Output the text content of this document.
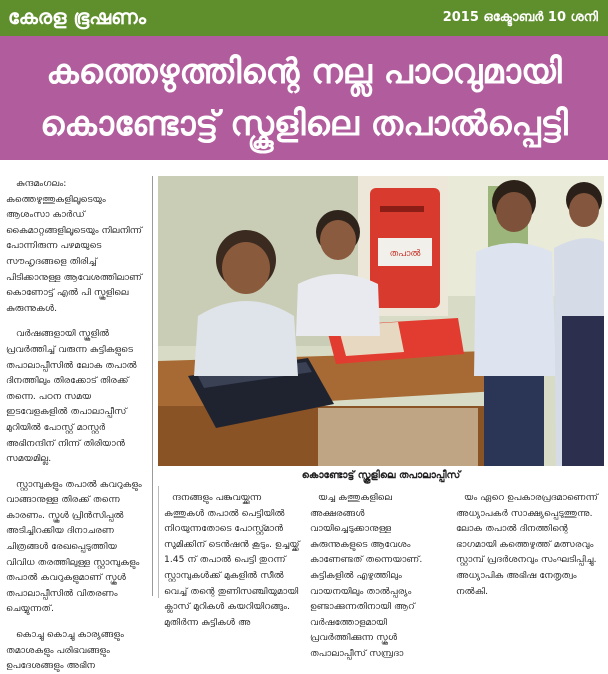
കേരള ഭൂഷണം	2015 ഒക്ടോബർ 10 ശനി
കത്തെഴുത്തിന്റെ നല്ല പാഠവുമായി
കൊണ്ടോട്ട് സ്കൂളിലെ തപാൽപ്പെട്ടി

കുന്ദമംഗലം: കത്തെഴുത്തുകളിലൂടെയും ആശംസാ കാർഡ് കൈമാറ്റങ്ങളിലൂടെയും നിലനിന്ന് പോന്നിരുന്ന പഴമയുടെ സൗഹൃദങ്ങളെ തിരിച്ച് പിടിക്കാനുള്ള ആവേശത്തിലാണ് കൊണോട്ട് എൽ പി സ്കൂളിലെ കുരുന്നുകൾ.

വർഷങ്ങളായി സ്കൂളിൽ പ്രവർത്തിച്ച് വരുന്ന കുട്ടികളുടെ തപാലാപ്പീസിൽ ലോക തപാൽ ദിനത്തിലും തിരക്കോട് തിരക്ക് തന്നെ. പഠന സമയ ഇടവേളകളിൽ തപാലാപ്പീസ് മുറിയിൽ പോസ്റ്റ് മാസ്റ്റർ അഭിനന്ദിന് നിന്ന് തിരിയാൻ സമയമില്ല.

സ്റ്റാമ്പുകളും തപാൽ കവറുകളും വാങ്ങാനുള്ള തിരക്ക് തന്നെ കാരണം. സ്കൂൾ പ്രിൻസിപ്പൽ അടിച്ചിറക്കിയ ദിനാചരണ ചിത്രങ്ങൾ രേഖപ്പെടുത്തിയ വിവിധ തരത്തിലുള്ള സ്റ്റാമ്പുകളും തപാൽ കവറുകളുമാണ് സ്കൂൾ തപാലാപ്പീസിൽ വിതരണം ചെയ്യുന്നത്.

കൊച്ചു കൊച്ചു കാര്യങ്ങളും തമാശകളും പരിഭവങ്ങളും ഉപദേശങ്ങളും അഭിന

തപാൽ
കൊണ്ടോട്ട് സ്കൂളിലെ തപാലാപ്പീസ്

ന്ദനങ്ങളും പങ്കുവയ്ക്കുന്ന കത്തുകൾ തപാൽ പെട്ടിയിൽ നിറയുന്നതോടെ പോസ്റ്റ്മാൻ സുമിക്കിന് ടെൻഷൻ കൂടും. ഉച്ചയ്ക്ക് 1.45 ന് തപാൽ പെട്ടി തുറന്ന് സ്റ്റാമ്പുകൾക്ക് മുകളിൽ സീൽ വെച്ച് തന്റെ തുണിസഞ്ചിയുമായി ക്ലാസ് മുറികൾ കയറിയിറങ്ങും. മുതിർന്ന കുട്ടികൾ അ

യച്ച കത്തുകളിലെ അക്ഷരങ്ങൾ വായിച്ചെടുക്കാനുള്ള കുരുന്നുകളുടെ ആവേശം കാണേണ്ടത് തന്നെയാണ്. കുട്ടികളിൽ എഴുത്തിലും വായനയിലും താൽപ്പര്യം ഉണ്ടാക്കുന്നതിനായി ആറ് വർഷത്തോളമായി പ്രവർത്തിക്കുന്ന സ്കൂൾ തപാലാപ്പീസ് സമ്പ്രദാ

യം ഏറെ ഉപകാരപ്രദമാണെന്ന് അധ്യാപകർ സാക്ഷ്യപ്പെടുത്തുന്നു. ലോക തപാൽ ദിനത്തിന്റെ ഭാഗമായി കത്തെഴുത്ത് മത്സരവും സ്റ്റാമ്പ് പ്രദർശനവും സംഘടിപ്പിച്ചു. അധ്യാപിക അഭിഷ നേതൃത്വം നൽകി.
